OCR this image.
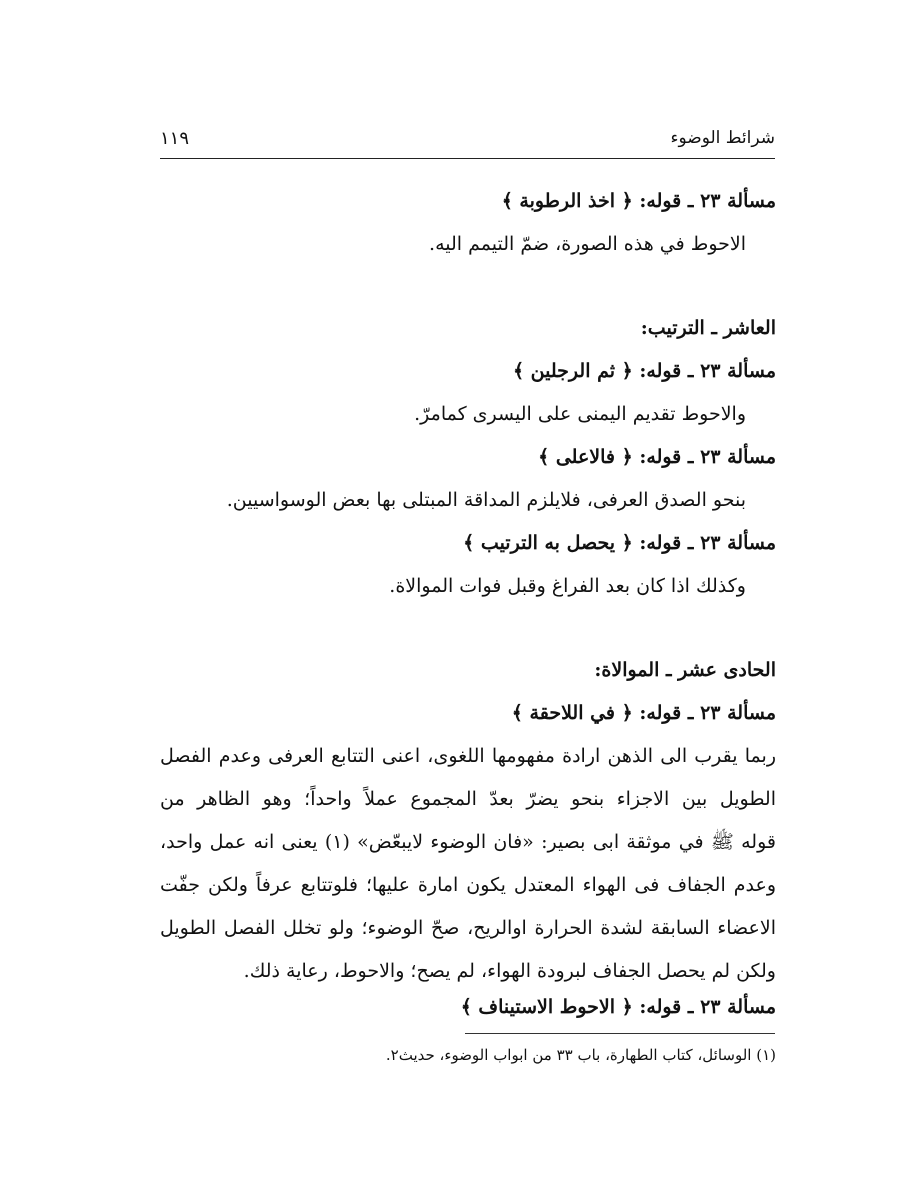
شرائط الوضوء
١١٩
مسألة ٢٣ ـ قوله: ﴿ اخذ الرطوبة ﴾
الاحوط في هذه الصورة، ضمّ التيمم اليه.
العاشر ـ الترتيب:
مسألة ٢٣ ـ قوله: ﴿ ثم الرجلين ﴾
والاحوط تقديم اليمنى على اليسرى كمامرّ.
مسألة ٢٣ ـ قوله: ﴿ فالاعلى ﴾
بنحو الصدق العرفى، فلايلزم المداقة المبتلى بها بعض الوسواسيين.
مسألة ٢٣ ـ قوله: ﴿ يحصل به الترتيب ﴾
وكذلك اذا كان بعد الفراغ وقبل فوات الموالاة.
الحادى عشر ـ الموالاة:
مسألة ٢٣ ـ قوله: ﴿ في اللاحقة ﴾
ربما يقرب الى الذهن ارادة مفهومها اللغوى، اعنى التتابع العرفى وعدم الفصل
الطويل بين الاجزاء بنحو يضرّ بعدّ المجموع عملاً واحداً؛ وهو الظاهر من
قوله ﷺ في موثقة ابى بصير: «فان الوضوء لايبعّض» (١) يعنى انه عمل واحد،
وعدم الجفاف فى الهواء المعتدل يكون امارة عليها؛ فلوتتابع عرفاً ولكن جفّت
الاعضاء السابقة لشدة الحرارة اوالريح، صحّ الوضوء؛ ولو تخلل الفصل الطويل
ولكن لم يحصل الجفاف لبرودة الهواء، لم يصح؛ والاحوط، رعاية ذلك.
مسألة ٢٣ ـ قوله: ﴿ الاحوط الاستيناف ﴾
(١) الوسائل، كتاب الطهارة، باب ٣٣ من ابواب الوضوء، حديث٢.
